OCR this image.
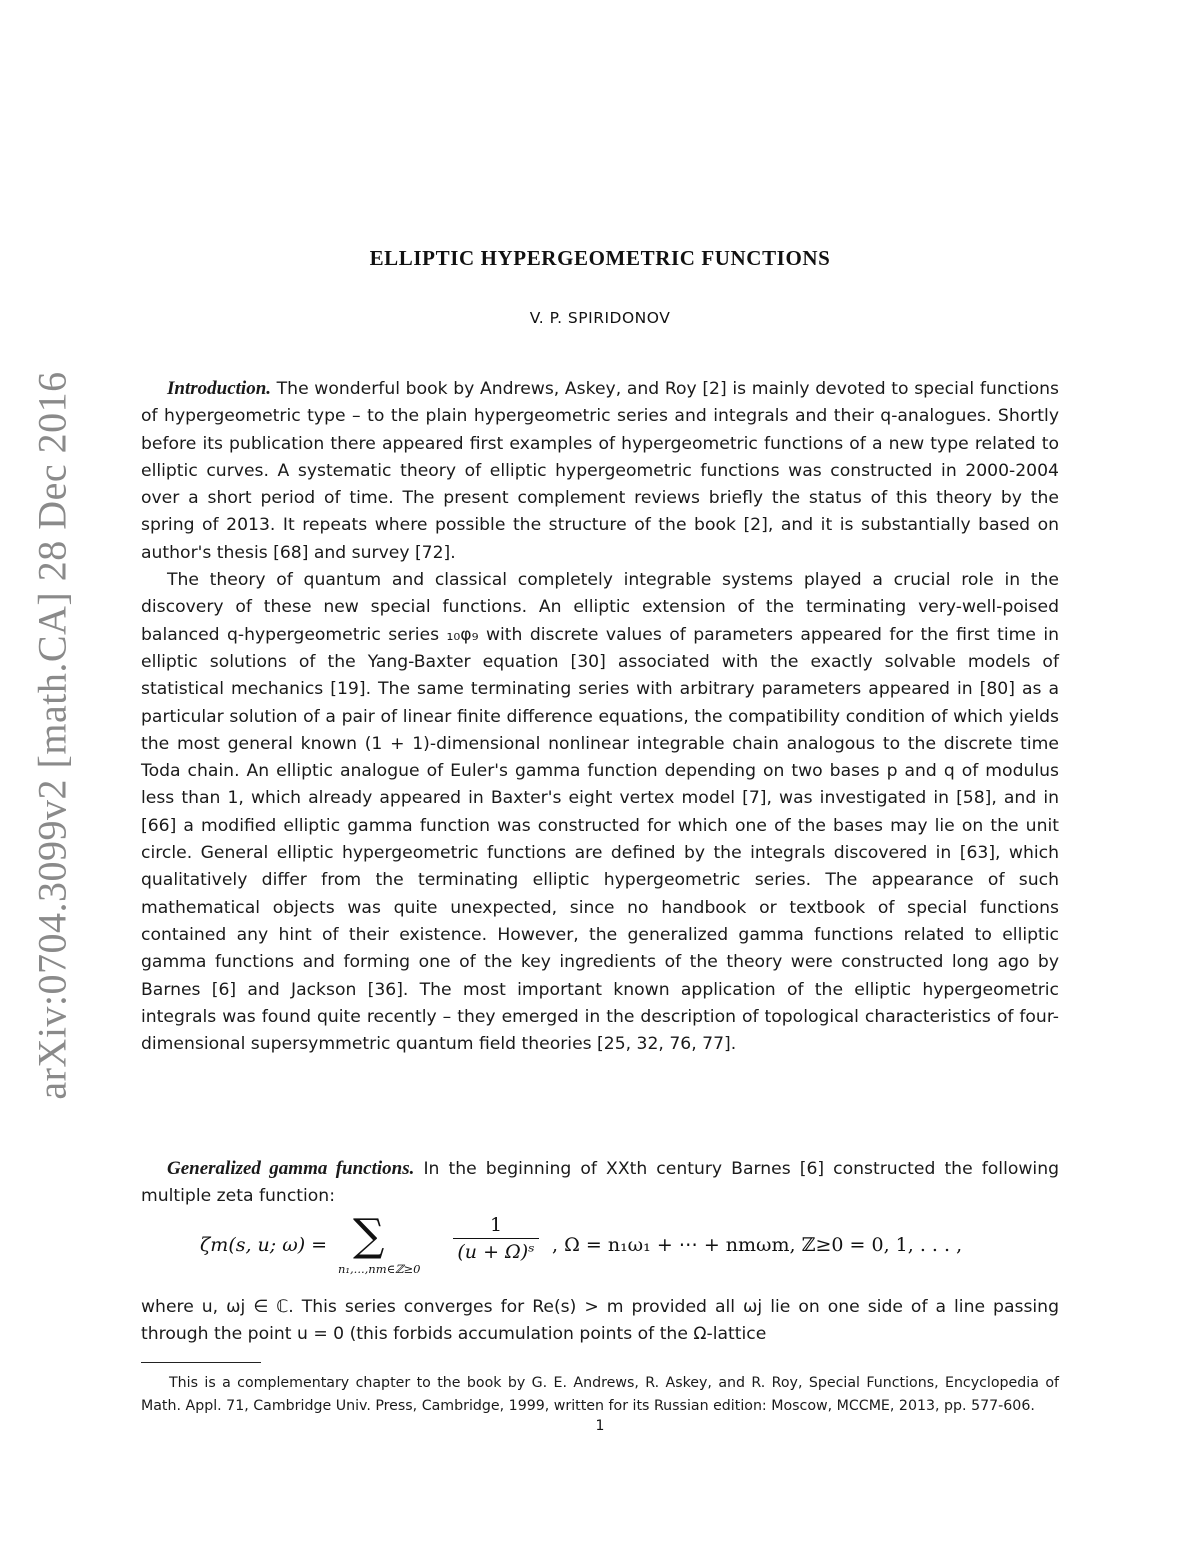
arXiv:0704.3099v2 [math.CA] 28 Dec 2016
ELLIPTIC HYPERGEOMETRIC FUNCTIONS
V. P. SPIRIDONOV

Introduction. The wonderful book by Andrews, Askey, and Roy [2] is mainly devoted to special functions of hypergeometric type – to the plain hypergeometric series and integrals and their q-analogues. Shortly before its publication there appeared first examples of hypergeometric functions of a new type related to elliptic curves. A systematic theory of elliptic hypergeometric functions was constructed in 2000-2004 over a short period of time. The present complement reviews briefly the status of this theory by the spring of 2013. It repeats where possible the structure of the book [2], and it is substantially based on author's thesis [68] and survey [72].

The theory of quantum and classical completely integrable systems played a crucial role in the discovery of these new special functions. An elliptic extension of the terminating very-well-poised balanced q-hypergeometric series ₁₀φ₉ with discrete values of parameters appeared for the first time in elliptic solutions of the Yang-Baxter equation [30] associated with the exactly solvable models of statistical mechanics [19]. The same terminating series with arbitrary parameters appeared in [80] as a particular solution of a pair of linear finite difference equations, the compatibility condition of which yields the most general known (1 + 1)-dimensional nonlinear integrable chain analogous to the discrete time Toda chain. An elliptic analogue of Euler's gamma function depending on two bases p and q of modulus less than 1, which already appeared in Baxter's eight vertex model [7], was investigated in [58], and in [66] a modified elliptic gamma function was constructed for which one of the bases may lie on the unit circle. General elliptic hypergeometric functions are defined by the integrals discovered in [63], which qualitatively differ from the terminating elliptic hypergeometric series. The appearance of such mathematical objects was quite unexpected, since no handbook or textbook of special functions contained any hint of their existence. However, the generalized gamma functions related to elliptic gamma functions and forming one of the key ingredients of the theory were constructed long ago by Barnes [6] and Jackson [36]. The most important known application of the elliptic hypergeometric integrals was found quite recently – they emerged in the description of topological characteristics of four-dimensional supersymmetric quantum field theories [25, 32, 76, 77].

Generalized gamma functions. In the beginning of XXth century Barnes [6] constructed the following multiple zeta function:

ζm(s, u; ω) = ∑
n₁,...,nm∈ℤ≥0
$\frac{1}{\text{(u + Ω)ˢ}}$ , Ω = n₁ω₁ + ⋯ + nmωm, ℤ≥0 = 0, 1, . . . ,

where u, ωj ∈ ℂ. This series converges for Re(s) > m provided all ωj lie on one side of a line passing through the point u = 0 (this forbids accumulation points of the Ω-lattice

This is a complementary chapter to the book by G. E. Andrews, R. Askey, and R. Roy, Special Functions, Encyclopedia of Math. Appl. 71, Cambridge Univ. Press, Cambridge, 1999, written for its Russian edition: Moscow, MCCME, 2013, pp. 577-606.

1
